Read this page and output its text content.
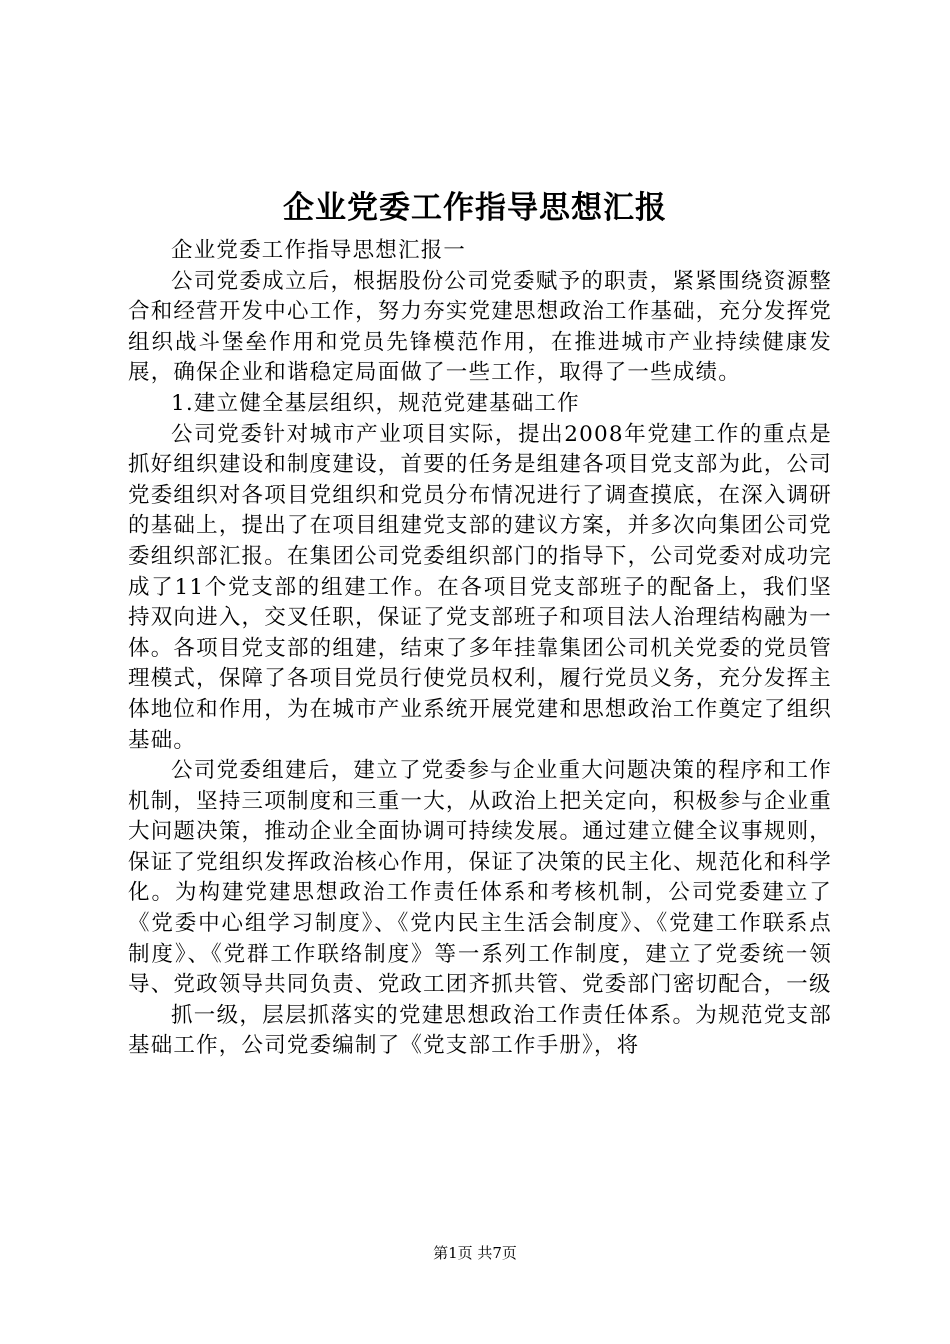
企业党委工作指导思想汇报

企业党委工作指导思想汇报一

公司党委成立后，根据股份公司党委赋予的职责，紧紧围绕资源整合和经营开发中心工作，努力夯实党建思想政治工作基础，充分发挥党组织战斗堡垒作用和党员先锋模范作用，在推进城市产业持续健康发展，确保企业和谐稳定局面做了一些工作，取得了一些成绩。

1.建立健全基层组织，规范党建基础工作

公司党委针对城市产业项目实际，提出2008年党建工作的重点是抓好组织建设和制度建设，首要的任务是组建各项目党支部为此，公司党委组织对各项目党组织和党员分布情况进行了调查摸底，在深入调研的基础上，提出了在项目组建党支部的建议方案，并多次向集团公司党委组织部汇报。在集团公司党委组织部门的指导下，公司党委对成功完成了11个党支部的组建工作。在各项目党支部班子的配备上，我们坚持双向进入，交叉任职，保证了党支部班子和项目法人治理结构融为一体。各项目党支部的组建，结束了多年挂靠集团公司机关党委的党员管理模式，保障了各项目党员行使党员权利，履行党员义务，充分发挥主体地位和作用，为在城市产业系统开展党建和思想政治工作奠定了组织基础。

公司党委组建后，建立了党委参与企业重大问题决策的程序和工作机制，坚持三项制度和三重一大，从政治上把关定向，积极参与企业重大问题决策，推动企业全面协调可持续发展。通过建立健全议事规则，保证了党组织发挥政治核心作用，保证了决策的民主化、规范化和科学化。为构建党建思想政治工作责任体系和考核机制，公司党委建立了《党委中心组学习制度》、《党内民主生活会制度》、《党建工作联系点制度》、《党群工作联络制度》等一系列工作制度，建立了党委统一领导、党政领导共同负责、党政工团齐抓共管、党委部门密切配合，一级

抓一级，层层抓落实的党建思想政治工作责任体系。为规范党支部基础工作，公司党委编制了《党支部工作手册》，将

第1页 共7页
